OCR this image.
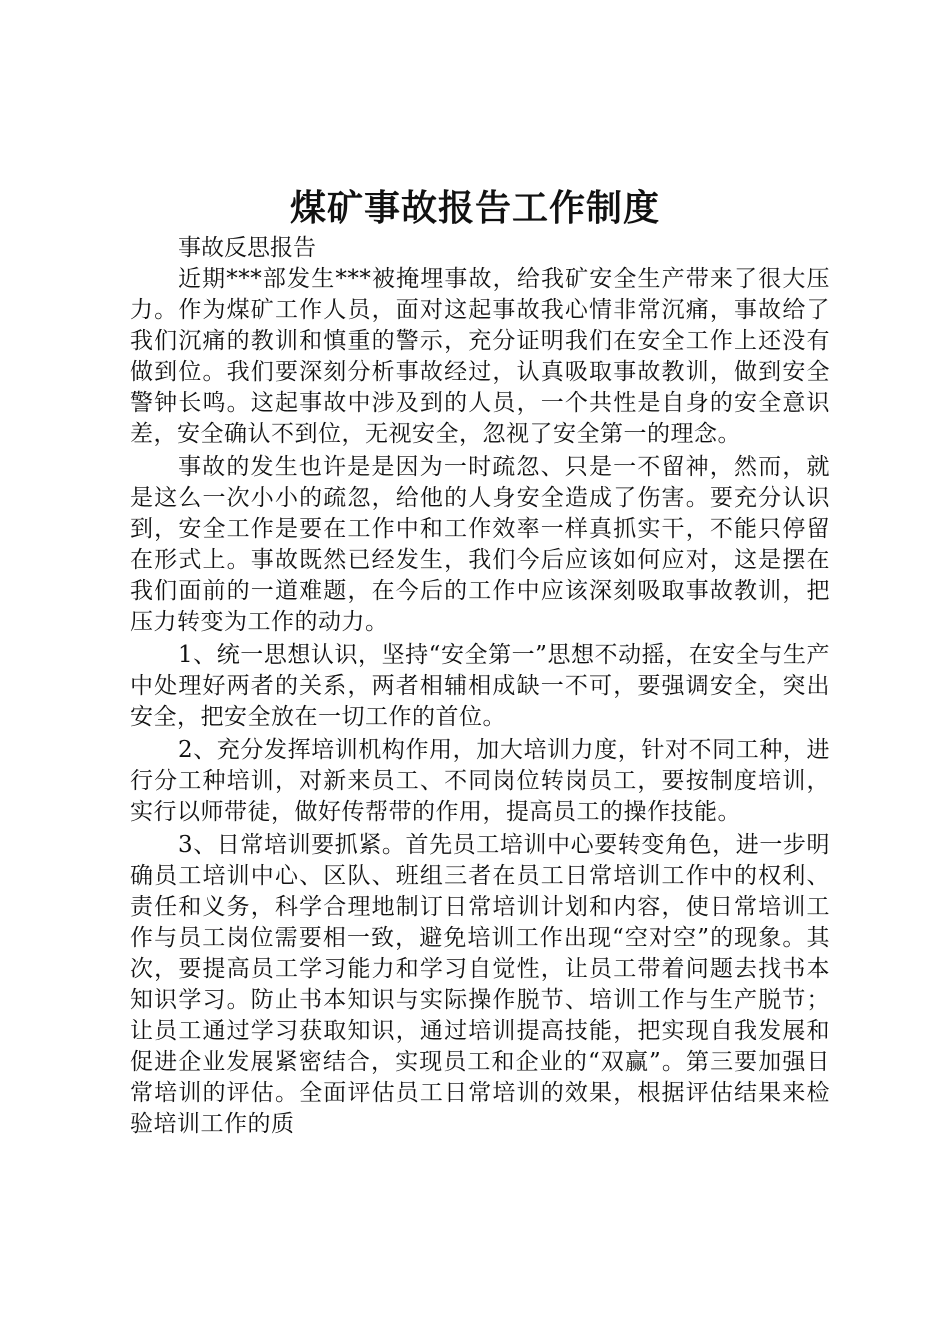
煤矿事故报告工作制度

事故反思报告

近期***部发生***被掩埋事故，给我矿安全生产带来了很大压力。作为煤矿工作人员，面对这起事故我心情非常沉痛，事故给了我们沉痛的教训和慎重的警示，充分证明我们在安全工作上还没有做到位。我们要深刻分析事故经过，认真吸取事故教训，做到安全警钟长鸣。这起事故中涉及到的人员，一个共性是自身的安全意识差，安全确认不到位，无视安全，忽视了安全第一的理念。

事故的发生也许是是因为一时疏忽、只是一不留神，然而，就是这么一次小小的疏忽，给他的人身安全造成了伤害。要充分认识到，安全工作是要在工作中和工作效率一样真抓实干，不能只停留在形式上。事故既然已经发生，我们今后应该如何应对，这是摆在我们面前的一道难题，在今后的工作中应该深刻吸取事故教训，把压力转变为工作的动力。

1、统一思想认识，坚持“安全第一”思想不动摇，在安全与生产中处理好两者的关系，两者相辅相成缺一不可，要强调安全，突出安全，把安全放在一切工作的首位。

2、充分发挥培训机构作用，加大培训力度，针对不同工种，进行分工种培训，对新来员工、不同岗位转岗员工，要按制度培训，实行以师带徒，做好传帮带的作用，提高员工的操作技能。

3、日常培训要抓紧。首先员工培训中心要转变角色，进一步明确员工培训中心、区队、班组三者在员工日常培训工作中的权利、责任和义务，科学合理地制订日常培训计划和内容，使日常培训工作与员工岗位需要相一致，避免培训工作出现“空对空”的现象。其次，要提高员工学习能力和学习自觉性，让员工带着问题去找书本知识学习。防止书本知识与实际操作脱节、培训工作与生产脱节；让员工通过学习获取知识，通过培训提高技能，把实现自我发展和促进企业发展紧密结合，实现员工和企业的“双赢”。第三要加强日常培训的评估。全面评估员工日常培训的效果，根据评估结果来检验培训工作的质
